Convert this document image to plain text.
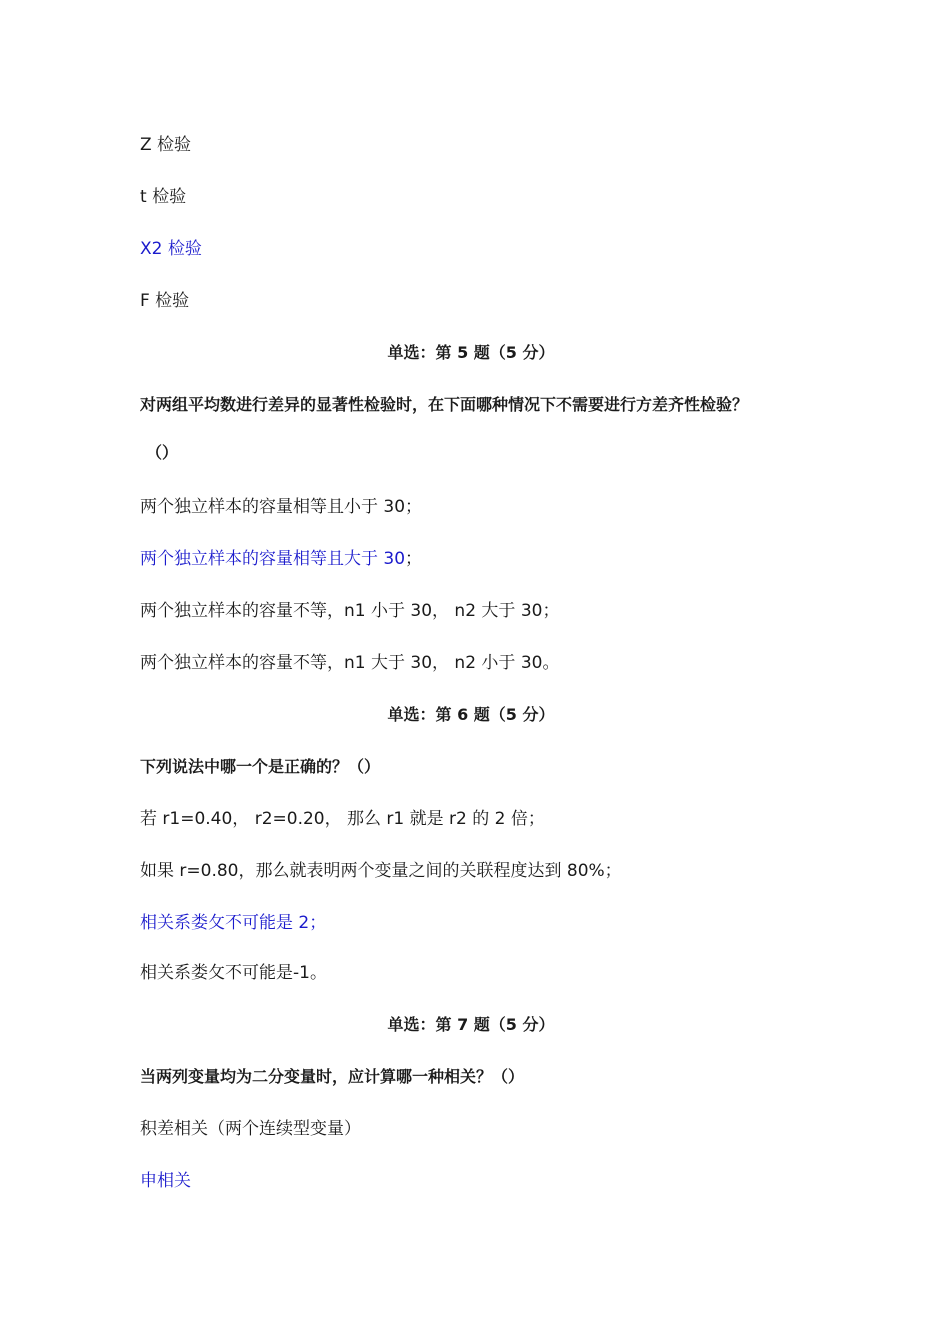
Z 检验
t 检验
X2 检验
F 检验
单选：第 5 题（5 分）
对两组平均数进行差异的显著性检验时，在下面哪种情况下不需要进行方差齐性检验？
（）
两个独立样本的容量相等且小于 30；
两个独立样本的容量相等且大于 30；
两个独立样本的容量不等，n1 小于 30， n2 大于 30；
两个独立样本的容量不等，n1 大于 30， n2 小于 30。
单选：第 6 题（5 分）
下列说法中哪一个是正确的？（）
若 r1=0.40， r2=0.20， 那么 r1 就是 r2 的 2 倍；
如果 r=0.80，那么就表明两个变量之间的关联程度达到 80%；
相关系娄攵不可能是 2；
相关系娄攵不可能是-1。
单选：第 7 题（5 分）
当两列变量均为二分变量时，应计算哪一种相关？（）
积差相关（两个连续型变量）
申相关
